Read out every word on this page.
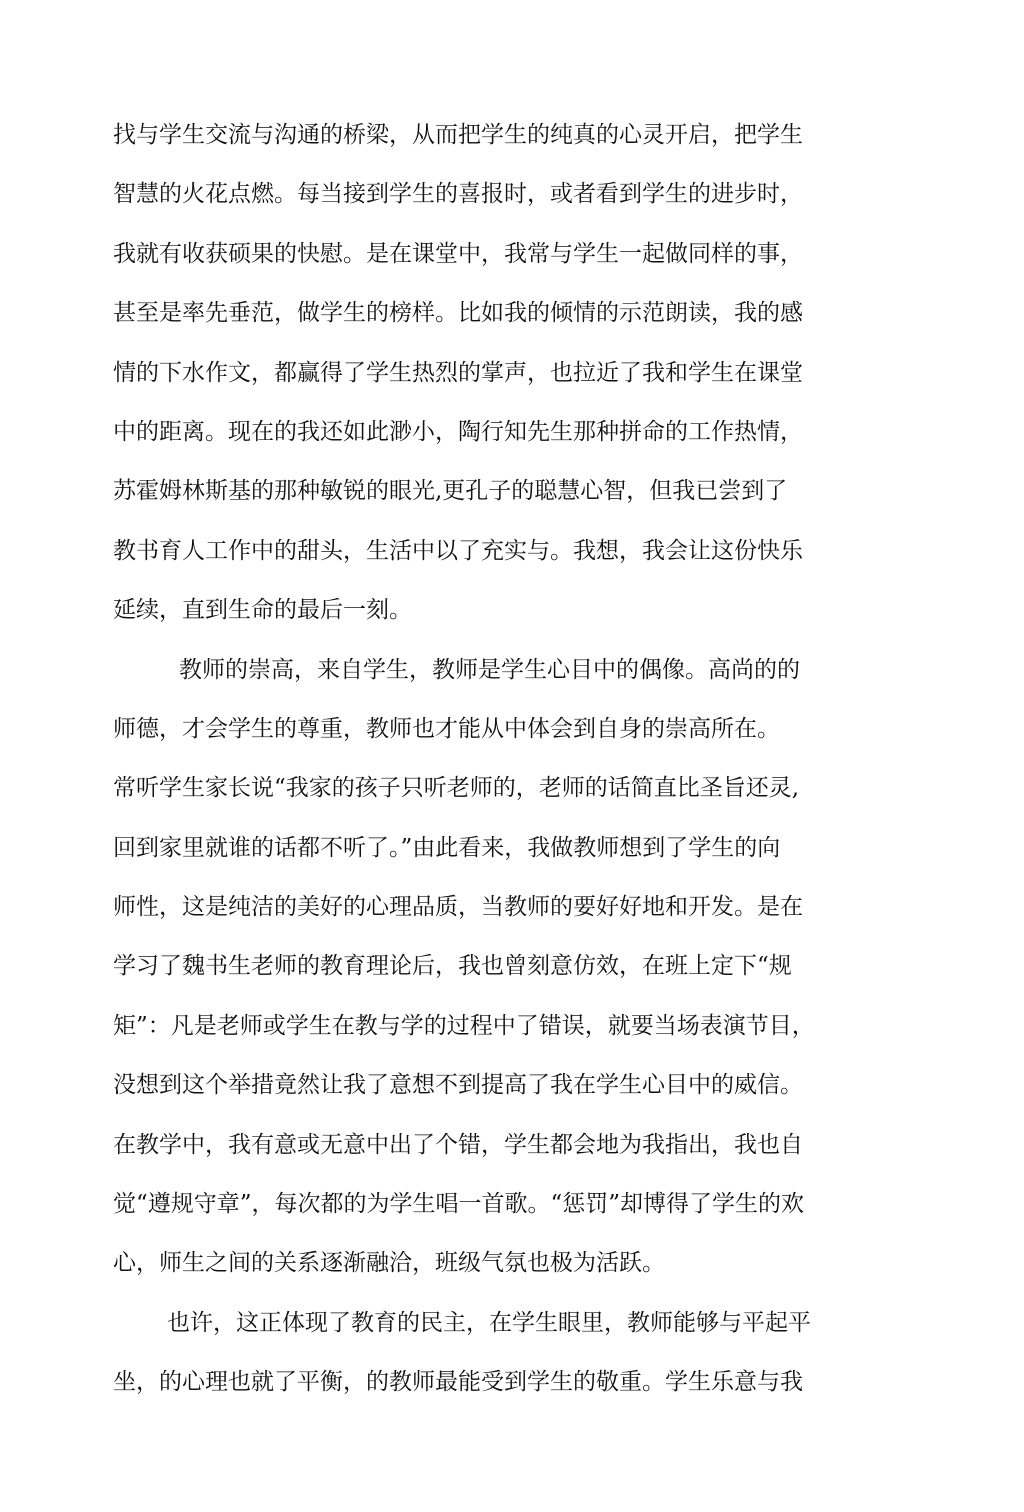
找与学生交流与沟通的桥梁，从而把学生的纯真的心灵开启，把学生
智慧的火花点燃。每当接到学生的喜报时，或者看到学生的进步时，
我就有收获硕果的快慰。是在课堂中，我常与学生一起做同样的事，
甚至是率先垂范，做学生的榜样。比如我的倾情的示范朗读，我的感
情的下水作文，都赢得了学生热烈的掌声，也拉近了我和学生在课堂
中的距离。现在的我还如此渺小，陶行知先生那种拼命的工作热情，
苏霍姆林斯基的那种敏锐的眼光,更孔子的聪慧心智，但我已尝到了
教书育人工作中的甜头，生活中以了充实与。我想，我会让这份快乐
延续，直到生命的最后一刻。
教师的崇高，来自学生，教师是学生心目中的偶像。高尚的的
师德，才会学生的尊重，教师也才能从中体会到自身的崇高所在。
常听学生家长说“我家的孩子只听老师的，老师的话简直比圣旨还灵,
回到家里就谁的话都不听了。”由此看来，我做教师想到了学生的向
师性，这是纯洁的美好的心理品质，当教师的要好好地和开发。是在
学习了魏书生老师的教育理论后，我也曾刻意仿效，在班上定下“规
矩”：凡是老师或学生在教与学的过程中了错误，就要当场表演节目，
没想到这个举措竟然让我了意想不到提高了我在学生心目中的威信。
在教学中，我有意或无意中出了个错，学生都会地为我指出，我也自
觉“遵规守章”，每次都的为学生唱一首歌。“惩罚”却博得了学生的欢
心，师生之间的关系逐渐融洽，班级气氛也极为活跃。
也许，这正体现了教育的民主，在学生眼里，教师能够与平起平
坐，的心理也就了平衡，的教师最能受到学生的敬重。学生乐意与我
